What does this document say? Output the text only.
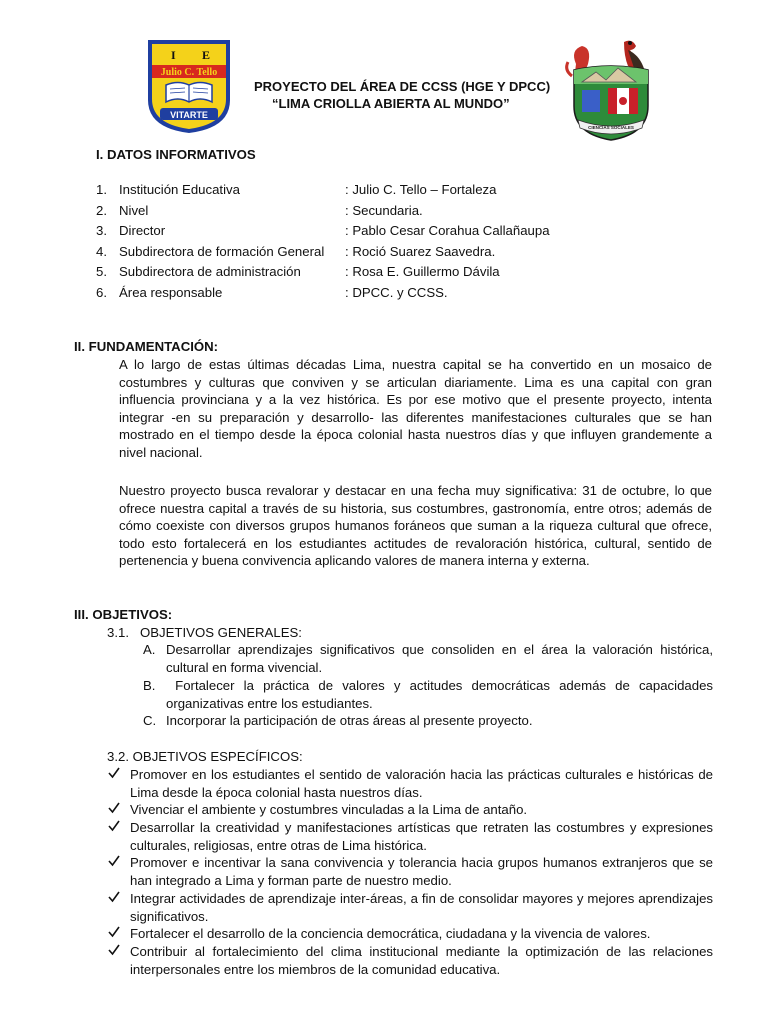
I E
Julio C. Tello
VITARTE
CIENCIAS SOCIALES
PROYECTO DEL ÁREA DE CCSS (HGE Y DPCC)
“LIMA CRIOLLA ABIERTA AL MUNDO”
I. DATOS INFORMATIVOS
1. Institución Educativa	: Julio C. Tello – Fortaleza
2. Nivel	: Secundaria.
3. Director	: Pablo Cesar Corahua Callañaupa
4. Subdirectora de formación General : Roció Suarez Saavedra.
5. Subdirectora de administración	: Rosa E. Guillermo Dávila
6. Área responsable	: DPCC. y CCSS.
II. FUNDAMENTACIÓN:
A lo largo de estas últimas décadas Lima, nuestra capital se ha convertido en un mosaico de costumbres y culturas que conviven y se articulan diariamente. Lima es una capital con gran influencia provinciana y a la vez histórica. Es por ese motivo que el presente proyecto, intenta integrar -en su preparación y desarrollo- las diferentes manifestaciones culturales que se han mostrado en el tiempo desde la época colonial hasta nuestros días y que influyen grandemente a nivel nacional.
Nuestro proyecto busca revalorar y destacar en una fecha muy significativa: 31 de octubre, lo que ofrece nuestra capital a través de su historia, sus costumbres, gastronomía, entre otros; además de cómo coexiste con diversos grupos humanos foráneos que suman a la riqueza cultural que ofrece, todo esto fortalecerá en los estudiantes actitudes de revaloración histórica, cultural, sentido de pertenencia y buena convivencia aplicando valores de manera interna y externa.
III. OBJETIVOS:
3.1.   OBJETIVOS GENERALES:
A. Desarrollar aprendizajes significativos que consoliden en el área la valoración histórica, cultural en forma vivencial.
B. Fortalecer la práctica de valores y actitudes democráticas además de capacidades organizativas entre los estudiantes.
C. Incorporar la participación de otras áreas al presente proyecto.
3.2. OBJETIVOS ESPECÍFICOS:
Promover en los estudiantes el sentido de valoración hacia las prácticas culturales e históricas de Lima desde la época colonial hasta nuestros días.
Vivenciar el ambiente y costumbres vinculadas a la Lima de antaño.
Desarrollar la creatividad y manifestaciones artísticas que retraten las costumbres y expresiones culturales, religiosas, entre otras de Lima histórica.
Promover e incentivar la sana convivencia y tolerancia hacia grupos humanos extranjeros que se han integrado a Lima y forman parte de nuestro medio.
Integrar actividades de aprendizaje inter-áreas, a fin de consolidar mayores y mejores aprendizajes significativos.
Fortalecer el desarrollo de la conciencia democrática, ciudadana y la vivencia de valores.
Contribuir al fortalecimiento del clima institucional mediante la optimización de las relaciones interpersonales entre los miembros de la comunidad educativa.
